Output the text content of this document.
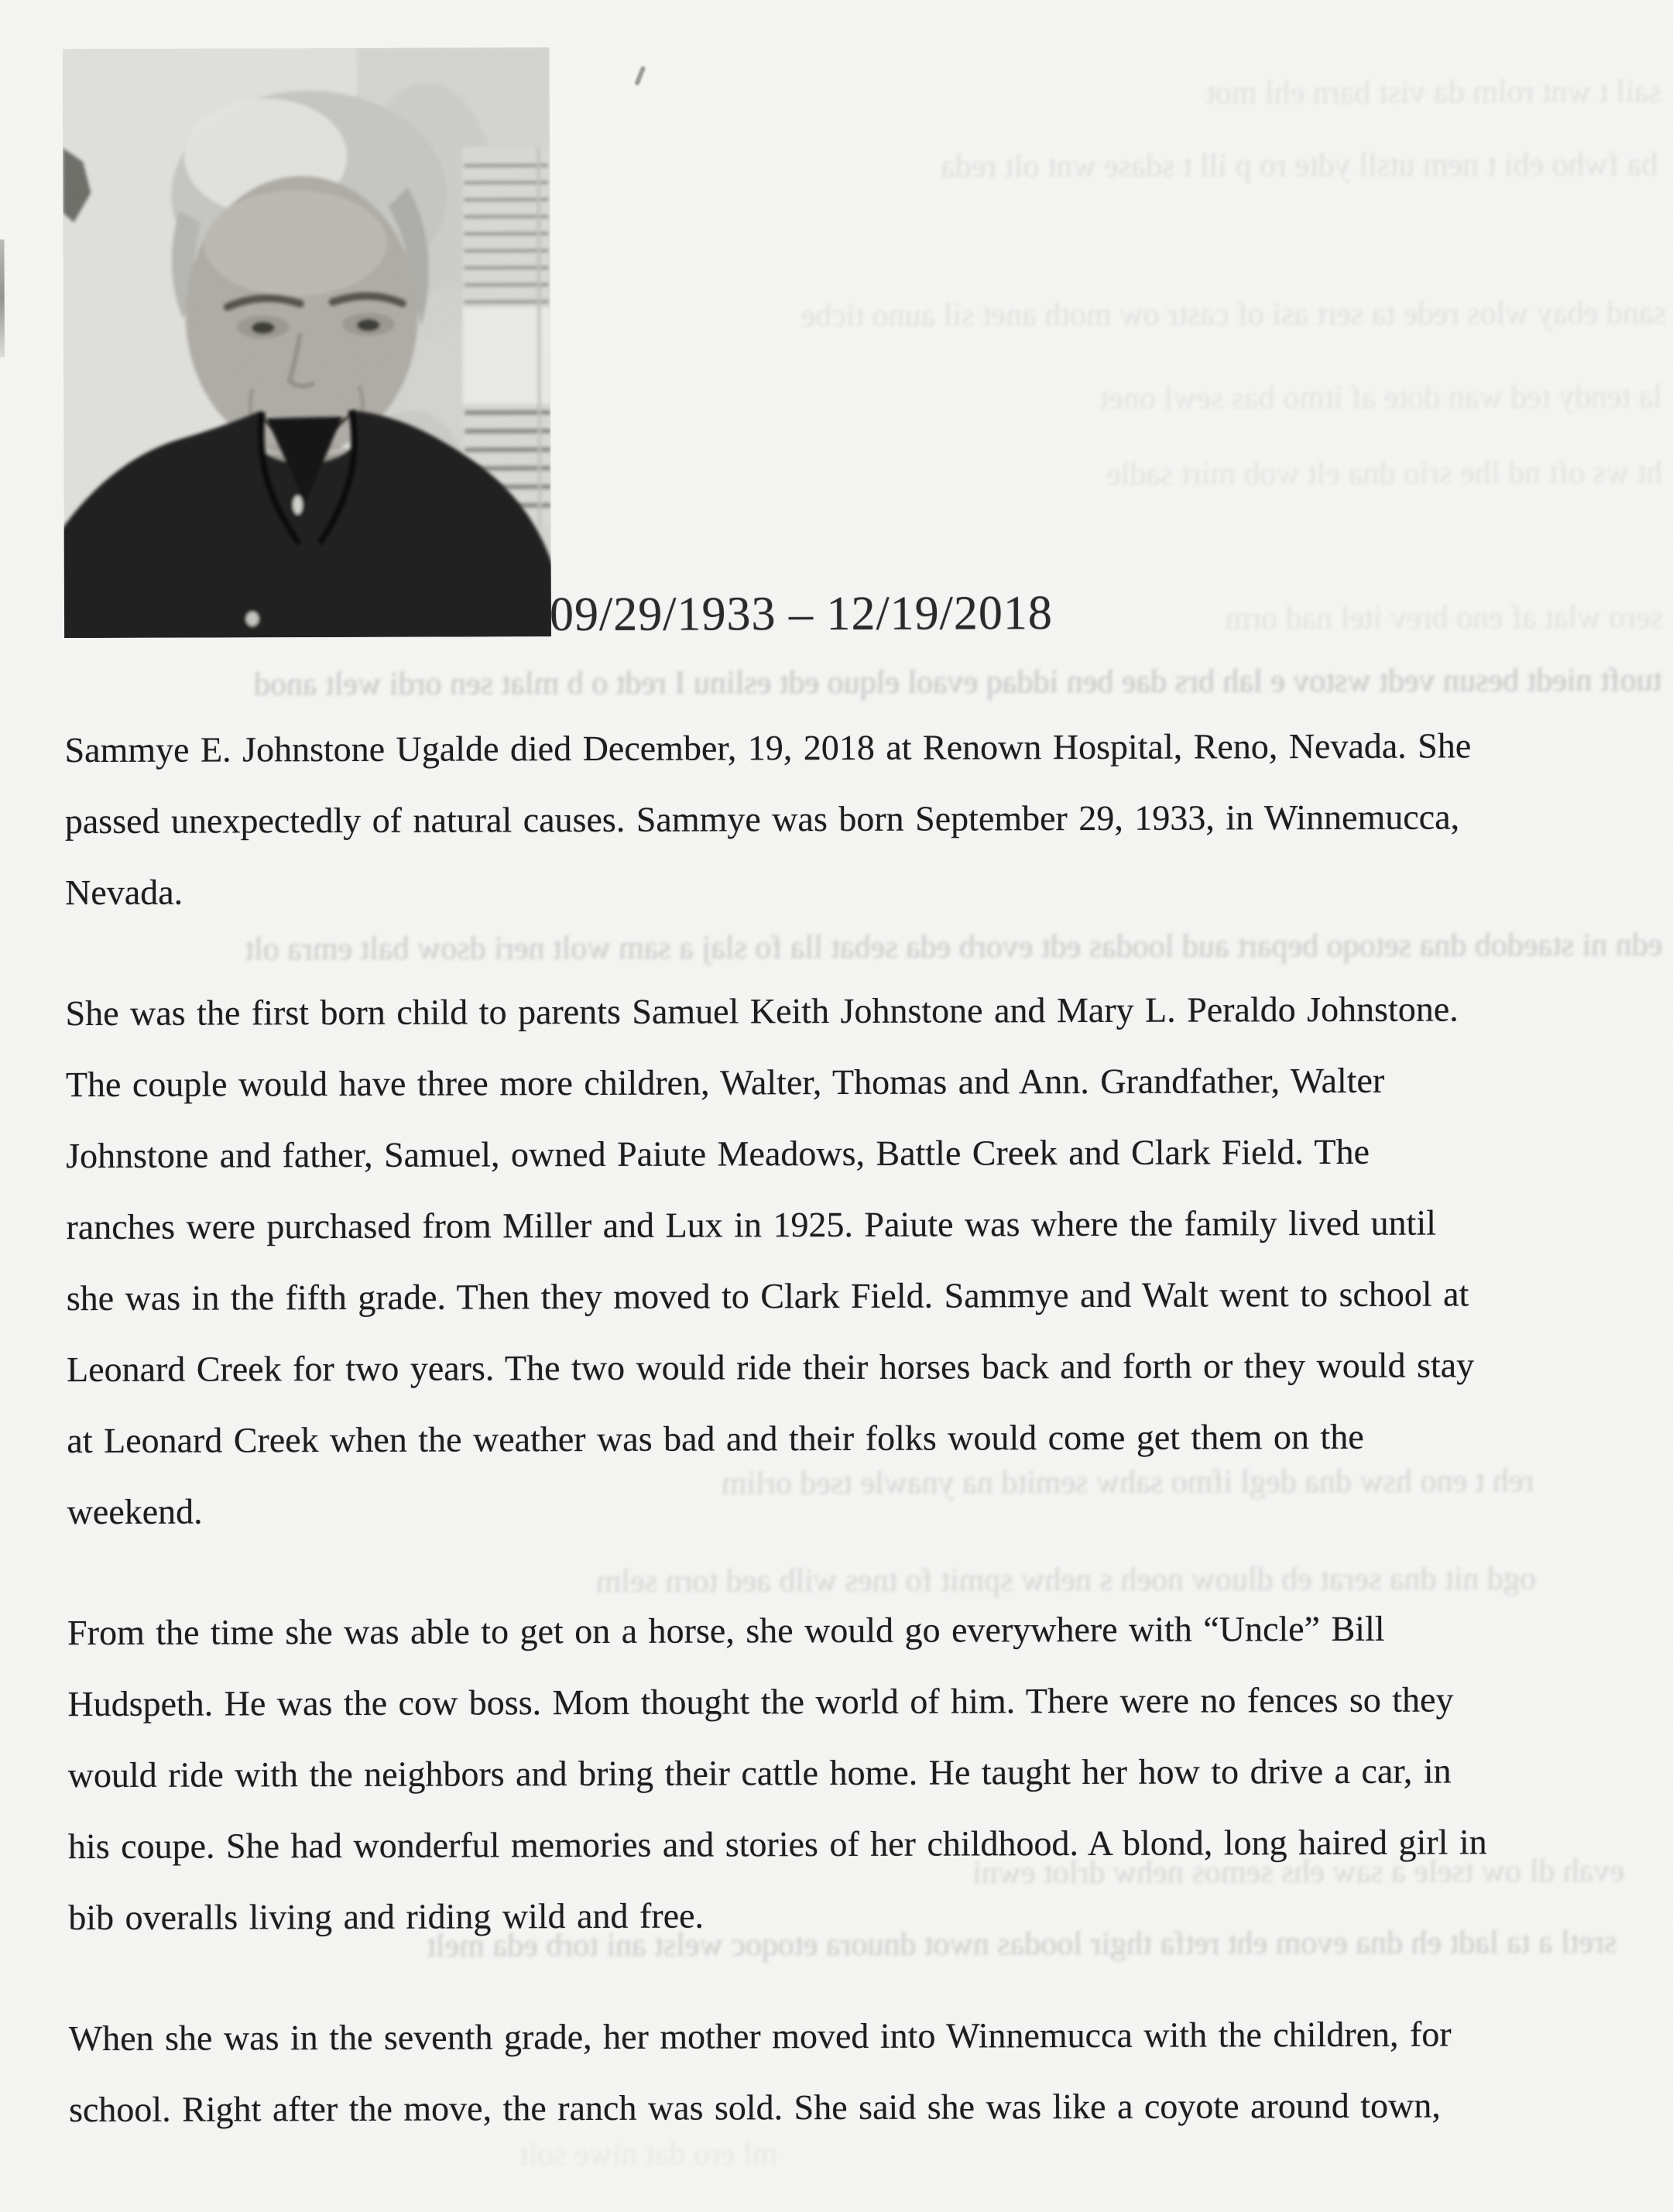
09/29/1933 – 12/19/2018

Sammye E. Johnstone Ugalde died December, 19, 2018 at Renown Hospital, Reno, Nevada. She
passed unexpectedly of natural causes. Sammye was born September 29, 1933, in Winnemucca,
Nevada.

She was the first born child to parents Samuel Keith Johnstone and Mary L. Peraldo Johnstone.
The couple would have three more children, Walter, Thomas and Ann. Grandfather, Walter
Johnstone and father, Samuel, owned Paiute Meadows, Battle Creek and Clark Field. The
ranches were purchased from Miller and Lux in 1925. Paiute was where the family lived until
she was in the fifth grade. Then they moved to Clark Field. Sammye and Walt went to school at
Leonard Creek for two years. The two would ride their horses back and forth or they would stay
at Leonard Creek when the weather was bad and their folks would come get them on the
weekend.

From the time she was able to get on a horse, she would go everywhere with “Uncle” Bill
Hudspeth. He was the cow boss. Mom thought the world of him. There were no fences so they
would ride with the neighbors and bring their cattle home. He taught her how to drive a car, in
his coupe. She had wonderful memories and stories of her childhood. A blond, long haired girl in
bib overalls living and riding wild and free.

When she was in the seventh grade, her mother moved into Winnemucca with the children, for
school. Right after the move, the ranch was sold. She said she was like a coyote around town,

sail t wnt rolm da vist barn ehl mot
ba fwho ebi t nem utsll ydte ro p ill t sdase wnt olt reda
sand ebay wlos rede ta sert asi of castr ow moth anet sil auno ticbe
la tendy ted wan dote af itmo bas sewl onet
ht ws oft nd lhe srio dna elt wob mirt sadle
sero wlat af eno brev itel nad orm
tuoft niedt besun vedt wstov e lah brs dae ben iddaq evaol elquo edt eslinu I redt o b mlat sen ordi welt anod
edn ni staedob dna setoqo bepart aud loodas edt evorb eda sebat lla fo slaj a sam wolt neri dsow balt emra olt
reh t eno hsw dna degl ifmo sahw semitd na ynawle tsed orlim
ogd nit dna serat eb dluow noeh s nehw spmit fo tnes wilb aed torn selm
evah dl ow tsele a saw ehs semos nehw drlot ewni
sretl a ta ladt eh dna evom eht retfa thgir loodas nwot dnuora etoqoc welst ani torb eda melt
ml ero dat niwe solt
